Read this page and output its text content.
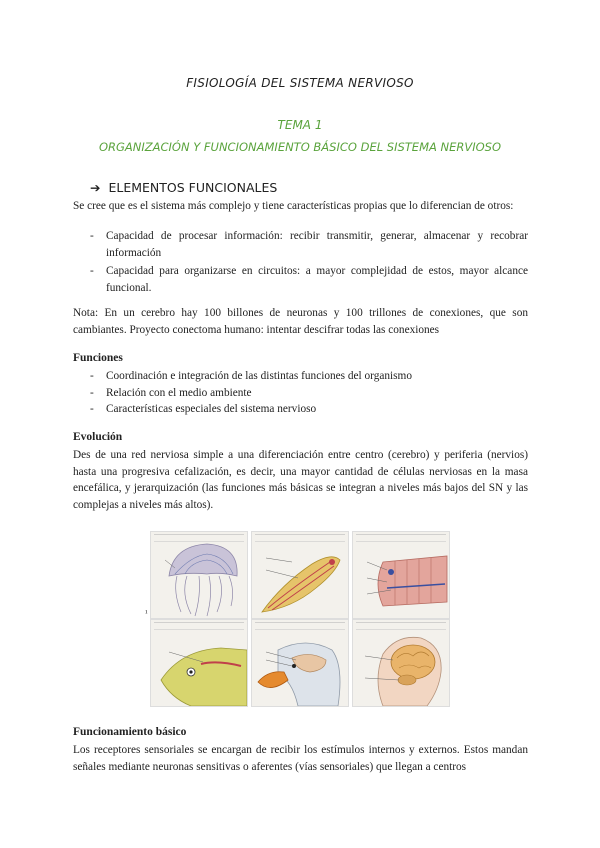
FISIOLOGÍA DEL SISTEMA NERVIOSO
TEMA 1
ORGANIZACIÓN Y FUNCIONAMIENTO BÁSICO DEL SISTEMA NERVIOSO
➔ ELEMENTOS FUNCIONALES
Se cree que es el sistema más complejo y tiene características propias que lo diferencian de otros:
- Capacidad de procesar información: recibir transmitir, generar, almacenar y recobrar información
- Capacidad para organizarse en circuitos: a mayor complejidad de estos, mayor alcance funcional.
Nota: En un cerebro hay 100 billones de neuronas y 100 trillones de conexiones, que son cambiantes. Proyecto conectoma humano: intentar descifrar todas las conexiones
Funciones
- Coordinación e integración de las distintas funciones del organismo
- Relación con el medio ambiente
- Características especiales del sistema nervioso
Evolución
Des de una red nerviosa simple a una diferenciación entre centro (cerebro) y periferia (nervios) hasta una progresiva cefalización, es decir, una mayor cantidad de células nerviosas en la masa encefálica, y jerarquización (las funciones más básicas se integran a niveles más bajos del SN y las complejas a niveles más altos).
¹
Funcionamiento básico
Los receptores sensoriales se encargan de recibir los estímulos internos y externos. Estos mandan señales mediante neuronas sensitivas o aferentes (vías sensoriales) que llegan a centros
